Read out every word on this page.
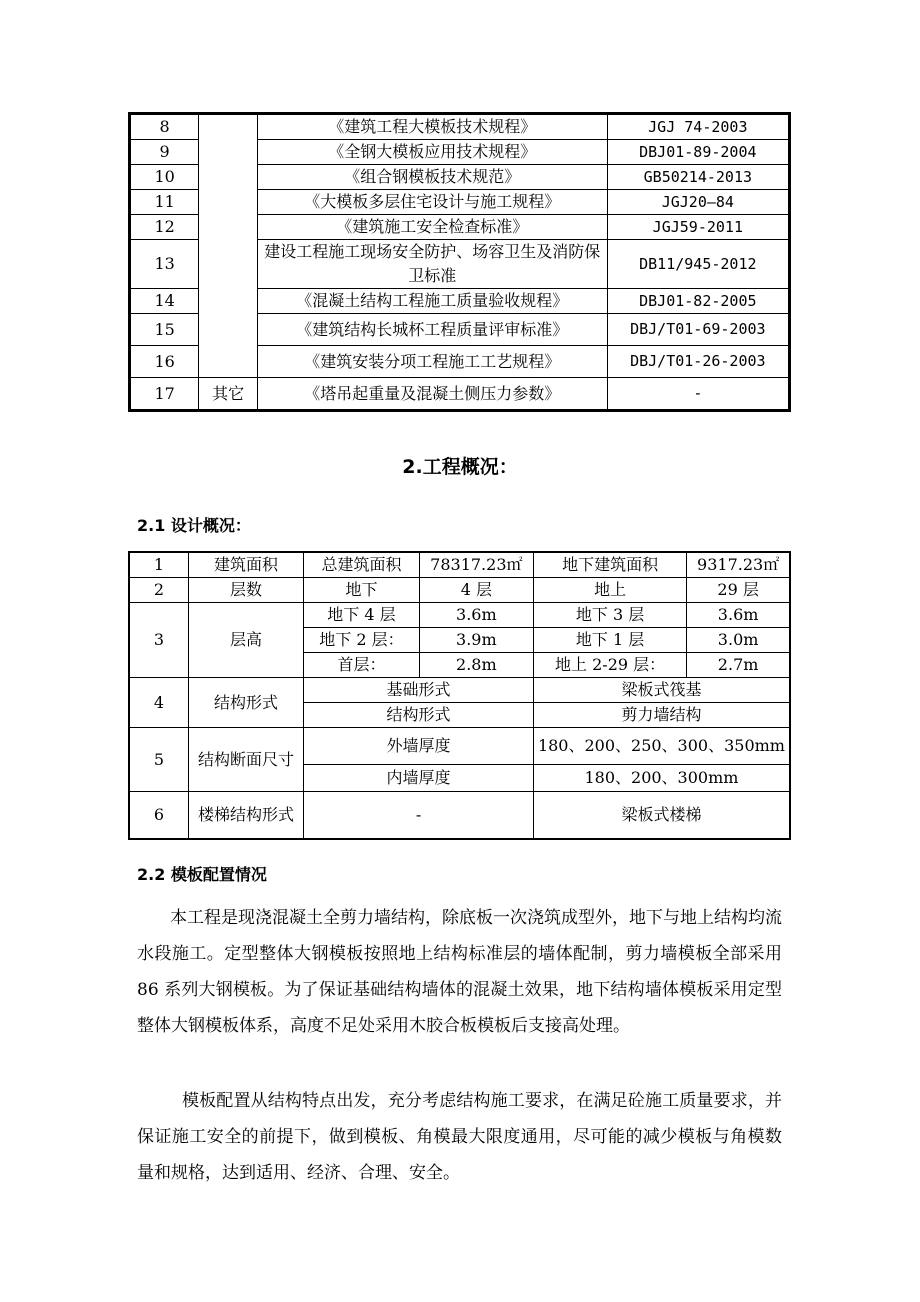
8		《建筑工程大模板技术规程》	JGJ 74-2003
9		《全钢大模板应用技术规程》	DBJ01-89-2004
10		《组合钢模板技术规范》	GB50214-2013
11		《大模板多层住宅设计与施工规程》	JGJ20—84
12		《建筑施工安全检查标准》	JGJ59-2011
13		建设工程施工现场安全防护、场容卫生及消防保卫标准	DB11/945-2012
14		《混凝土结构工程施工质量验收规程》	DBJ01-82-2005
15		《建筑结构长城杯工程质量评审标准》	DBJ/T01-69-2003
16		《建筑安装分项工程施工工艺规程》	DBJ/T01-26-2003
17	其它	《塔吊起重量及混凝土侧压力参数》	-
2.工程概况：
2.1 设计概况：
1	建筑面积	总建筑面积	78317.23㎡	地下建筑面积	9317.23㎡
2	层数	地下	4 层	地上	29 层
3	层高	地下 4 层	3.6m	地下 3 层	3.6m
		地下 2 层：	3.9m	地下 1 层	3.0m
		首层：	2.8m	地上 2-29 层：	2.7m
4	结构形式	基础形式		梁板式筏基	
		结构形式		剪力墙结构	
5	结构断面尺寸	外墙厚度		180、200、250、300、350mm	
		内墙厚度		180、200、300mm	
6	楼梯结构形式	-		梁板式楼梯	
2.2 模板配置情况

本工程是现浇混凝土全剪力墙结构，除底板一次浇筑成型外，地下与地上结构均流水段施工。定型整体大钢模板按照地上结构标准层的墙体配制，剪力墙模板全部采用 86 系列大钢模板。为了保证基础结构墙体的混凝土效果，地下结构墙体模板采用定型整体大钢模板体系，高度不足处采用木胶合板模板后支接高处理。

模板配置从结构特点出发，充分考虑结构施工要求，在满足砼施工质量要求，并保证施工安全的前提下，做到模板、角模最大限度通用，尽可能的减少模板与角模数量和规格，达到适用、经济、合理、安全。
